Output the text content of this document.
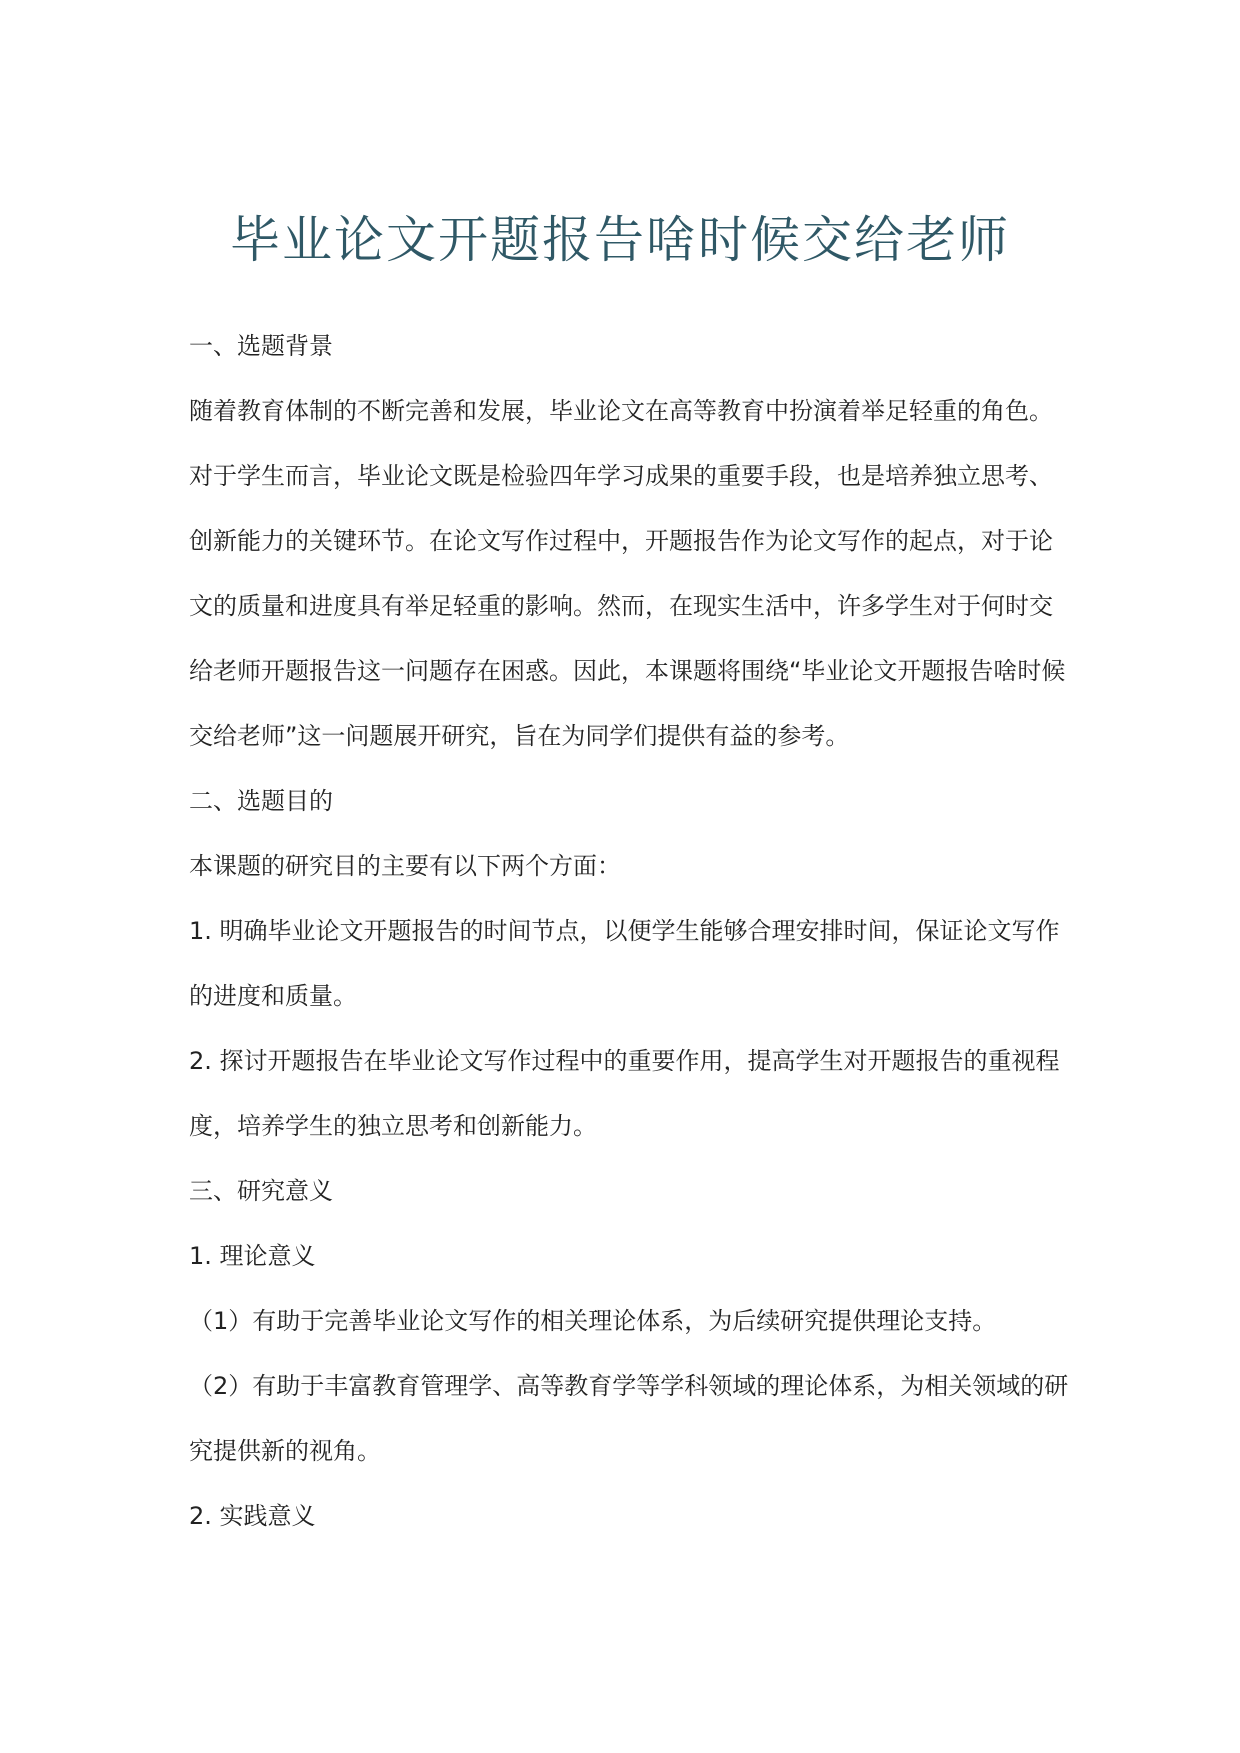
毕业论文开题报告啥时候交给老师

一、选题背景

随着教育体制的不断完善和发展，毕业论文在高等教育中扮演着举足轻重的角色。对于学生而言，毕业论文既是检验四年学习成果的重要手段，也是培养独立思考、创新能力的关键环节。在论文写作过程中，开题报告作为论文写作的起点，对于论文的质量和进度具有举足轻重的影响。然而，在现实生活中，许多学生对于何时交给老师开题报告这一问题存在困惑。因此，本课题将围绕“毕业论文开题报告啥时候交给老师”这一问题展开研究，旨在为同学们提供有益的参考。

二、选题目的

本课题的研究目的主要有以下两个方面：

1. 明确毕业论文开题报告的时间节点，以便学生能够合理安排时间，保证论文写作的进度和质量。

2. 探讨开题报告在毕业论文写作过程中的重要作用，提高学生对开题报告的重视程度，培养学生的独立思考和创新能力。

三、研究意义

1. 理论意义

（1）有助于完善毕业论文写作的相关理论体系，为后续研究提供理论支持。

（2）有助于丰富教育管理学、高等教育学等学科领域的理论体系，为相关领域的研究提供新的视角。

2. 实践意义
